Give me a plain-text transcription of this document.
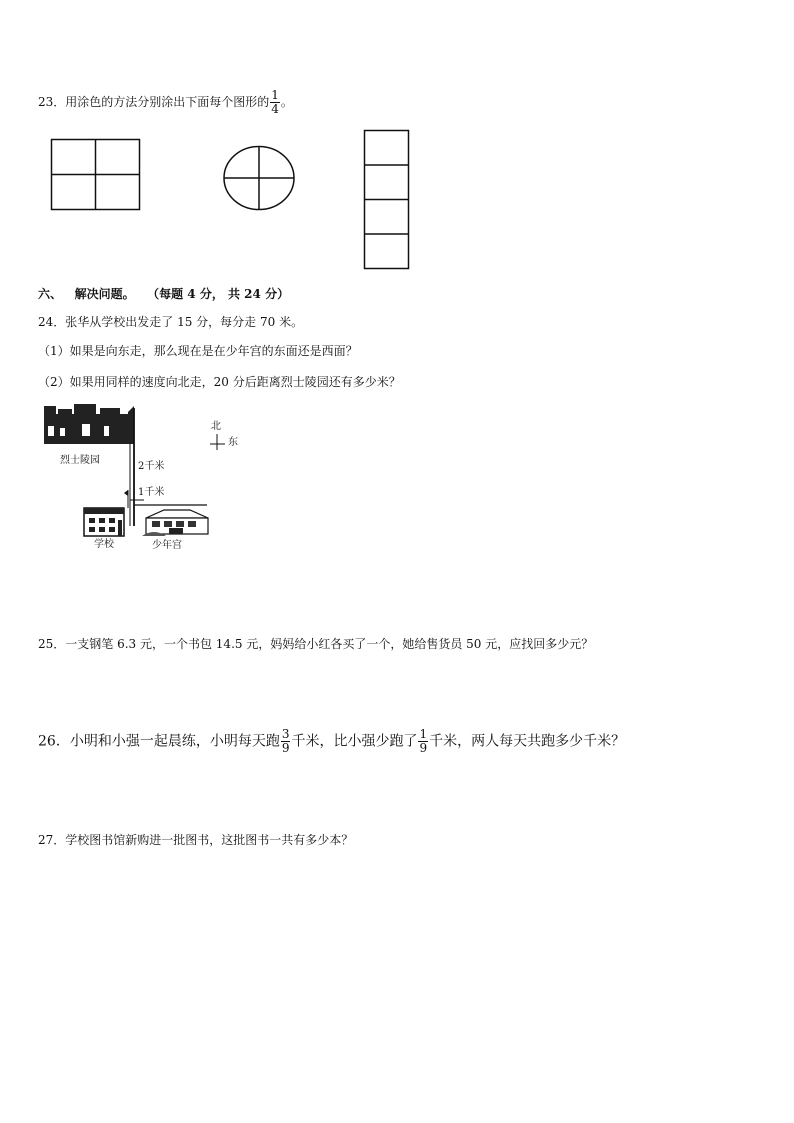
23．用涂色的方法分别涂出下面每个图形的 $\frac{1}{4}$ 。
六、 解决问题。 （每题 4 分， 共 24 分）
24．张华从学校出发走了 15 分，每分走 70 米。
（1）如果是向东走，那么现在是在少年宫的东面还是西面？
（2）如果用同样的速度向北走，20 分后距离烈士陵园还有多少米？
烈士陵园
2千米
1千米
北
东
学校	少年宫
25．一支钢笔 6.3 元，一个书包 14.5 元，妈妈给小红各买了一个，她给售货员 50 元，应找回多少元？
26．小明和小强一起晨练，小明每天跑 $\frac{3}{9}$ 千米，比小强少跑了 $\frac{1}{9}$ 千米，两人每天共跑多少千米？
27．学校图书馆新购进一批图书，这批图书一共有多少本？
